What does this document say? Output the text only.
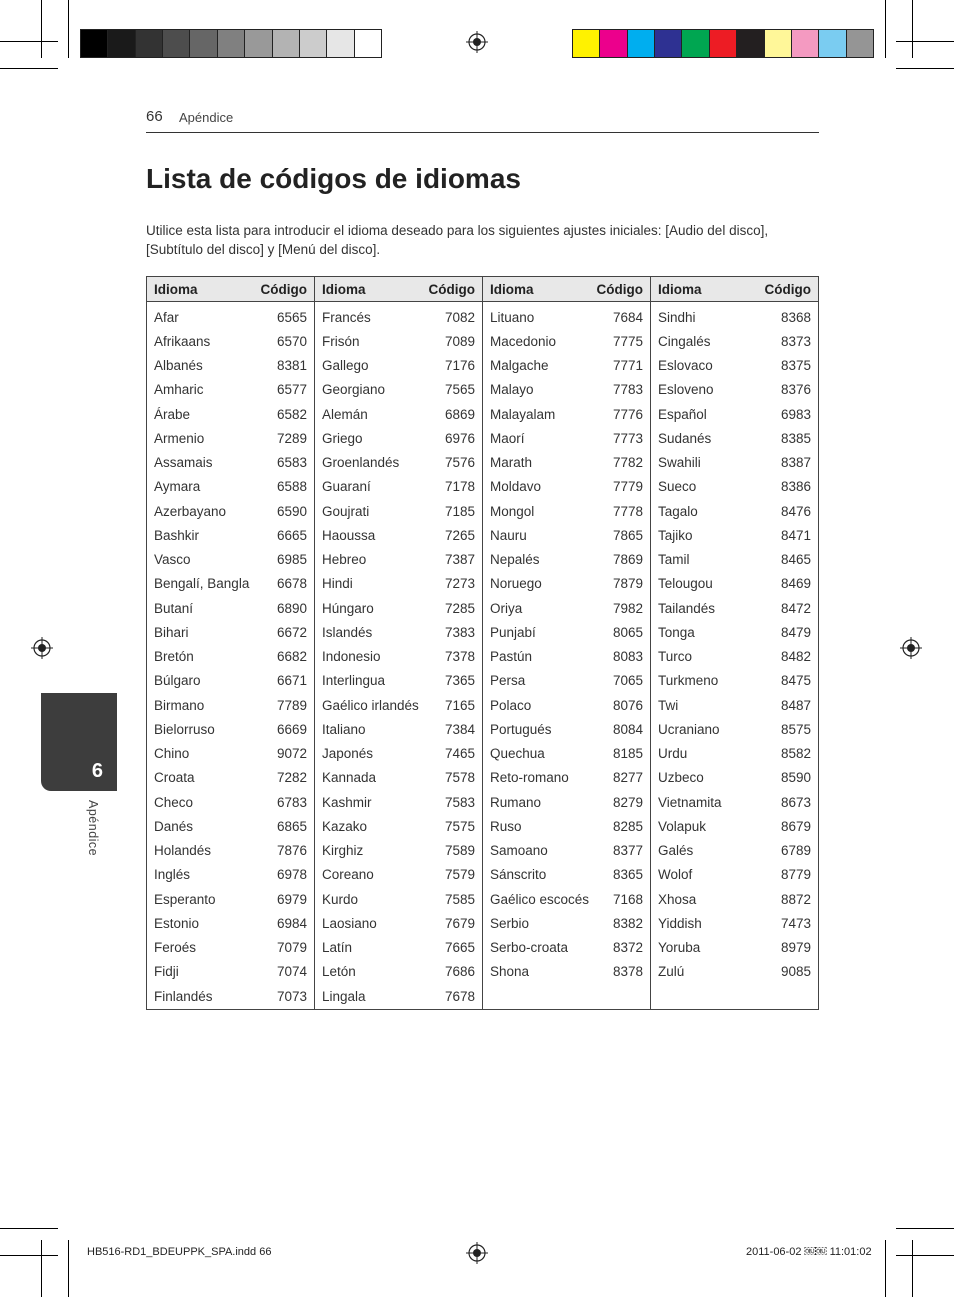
66 Apéndice
Lista de códigos de idiomas
Utilice esta lista para introducir el idioma deseado para los siguientes ajustes iniciales: [Audio del disco], [Subtítulo del disco] y [Menú del disco].
6
Apéndice
Idioma	Código
Afar	6565
Afrikaans	6570
Albanés	8381
Amharic	6577
Árabe	6582
Armenio	7289
Assamais	6583
Aymara	6588
Azerbayano	6590
Bashkir	6665
Vasco	6985
Bengalí, Bangla 6678
Butaní	6890
Bihari	6672
Bretón	6682
Búlgaro	6671
Birmano	7789
Bielorruso	6669
Chino	9072
Croata	7282
Checo	6783
Danés	6865
Holandés	7876
Inglés	6978
Esperanto	6979
Estonio	6984
Feroés	7079
Fidji	7074
Finlandés	7073
Idioma	Código
Francés	7082
Frisón	7089
Gallego	7176
Georgiano	7565
Alemán	6869
Griego	6976
Groenlandés	7576
Guaraní	7178
Goujrati	7185
Haoussa	7265
Hebreo	7387
Hindi	7273
Húngaro	7285
Islandés	7383
Indonesio	7378
Interlingua	7365
Gaélico irlandés 7165
Italiano	7384
Japonés	7465
Kannada	7578
Kashmir	7583
Kazako	7575
Kirghiz	7589
Coreano	7579
Kurdo	7585
Laosiano	7679
Latín	7665
Letón	7686
Lingala	7678
Idioma	Código
Lituano	7684
Macedonio	7775
Malgache	7771
Malayo	7783
Malayalam	7776
Maorí	7773
Marath	7782
Moldavo	7779
Mongol	7778
Nauru	7865
Nepalés	7869
Noruego	7879
Oriya	7982
Punjabí	8065
Pastún	8083
Persa	7065
Polaco	8076
Portugués	8084
Quechua	8185
Reto-romano	8277
Rumano	8279
Ruso	8285
Samoano	8377
Sánscrito	8365
Gaélico escocés 7168
Serbio	8382
Serbo-croata	8372
Shona	8378
Idioma	Código
Sindhi	8368
Cingalés	8373
Eslovaco	8375
Esloveno	8376
Español	6983
Sudanés	8385
Swahili	8387
Sueco	8386
Tagalo	8476
Tajiko	8471
Tamil	8465
Telougou	8469
Tailandés	8472
Tonga	8479
Turco	8482
Turkmeno	8475
Twi	8487
Ucraniano	8575
Urdu	8582
Uzbeco	8590
Vietnamita	8673
Volapuk	8679
Galés	6789
Wolof	8779
Xhosa	8872
Yiddish	7473
Yoruba	8979
Zulú	9085
HB516-RD1_BDEUPPK_SPA.indd 66	2011-06-02 ￼￼ 11:01:02
